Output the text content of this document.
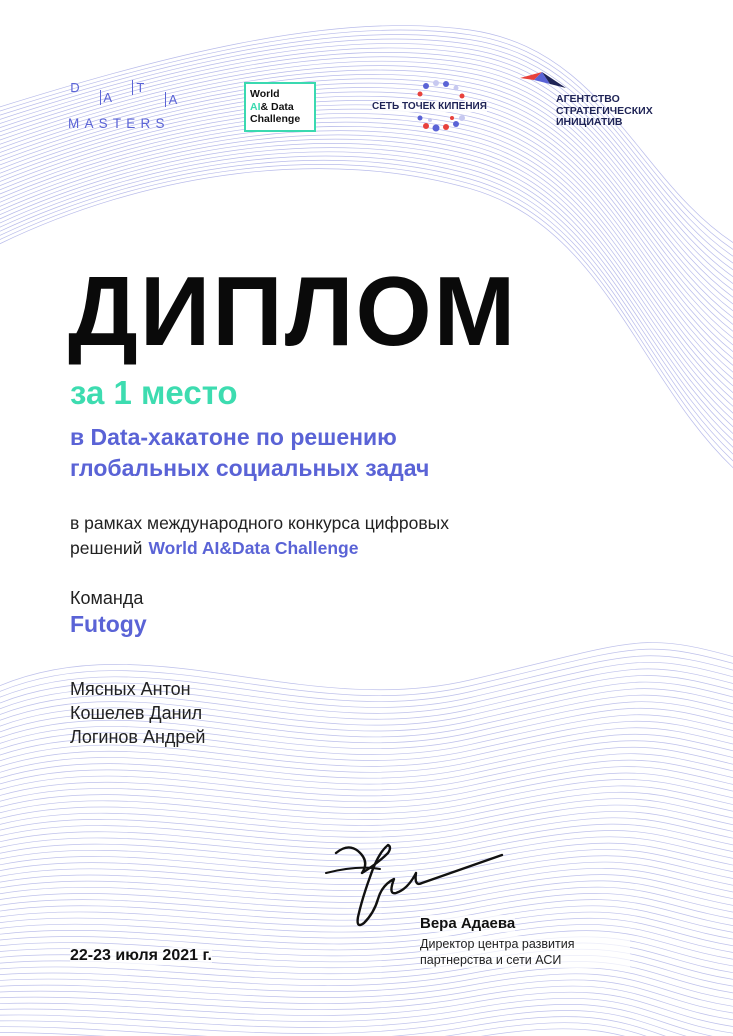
D
A
T
A
MASTERS
World
AI& Data
Challenge
СЕТЬ ТОЧЕК КИПЕНИЯ
АГЕНТСТВО
СТРАТЕГИЧЕСКИХ
ИНИЦИАТИВ
ДИПЛОМ
за 1 место
в Data-хакатоне по решению
глобальных социальных задач
в рамках международного конкурса цифровых
решений World AI&Data Challenge
Команда
Futogy
Мясных Антон
Кошелев Данил
Логинов Андрей
Вера Адаева
Директор центра развития
партнерства и сети АСИ
22-23 июля 2021 г.
